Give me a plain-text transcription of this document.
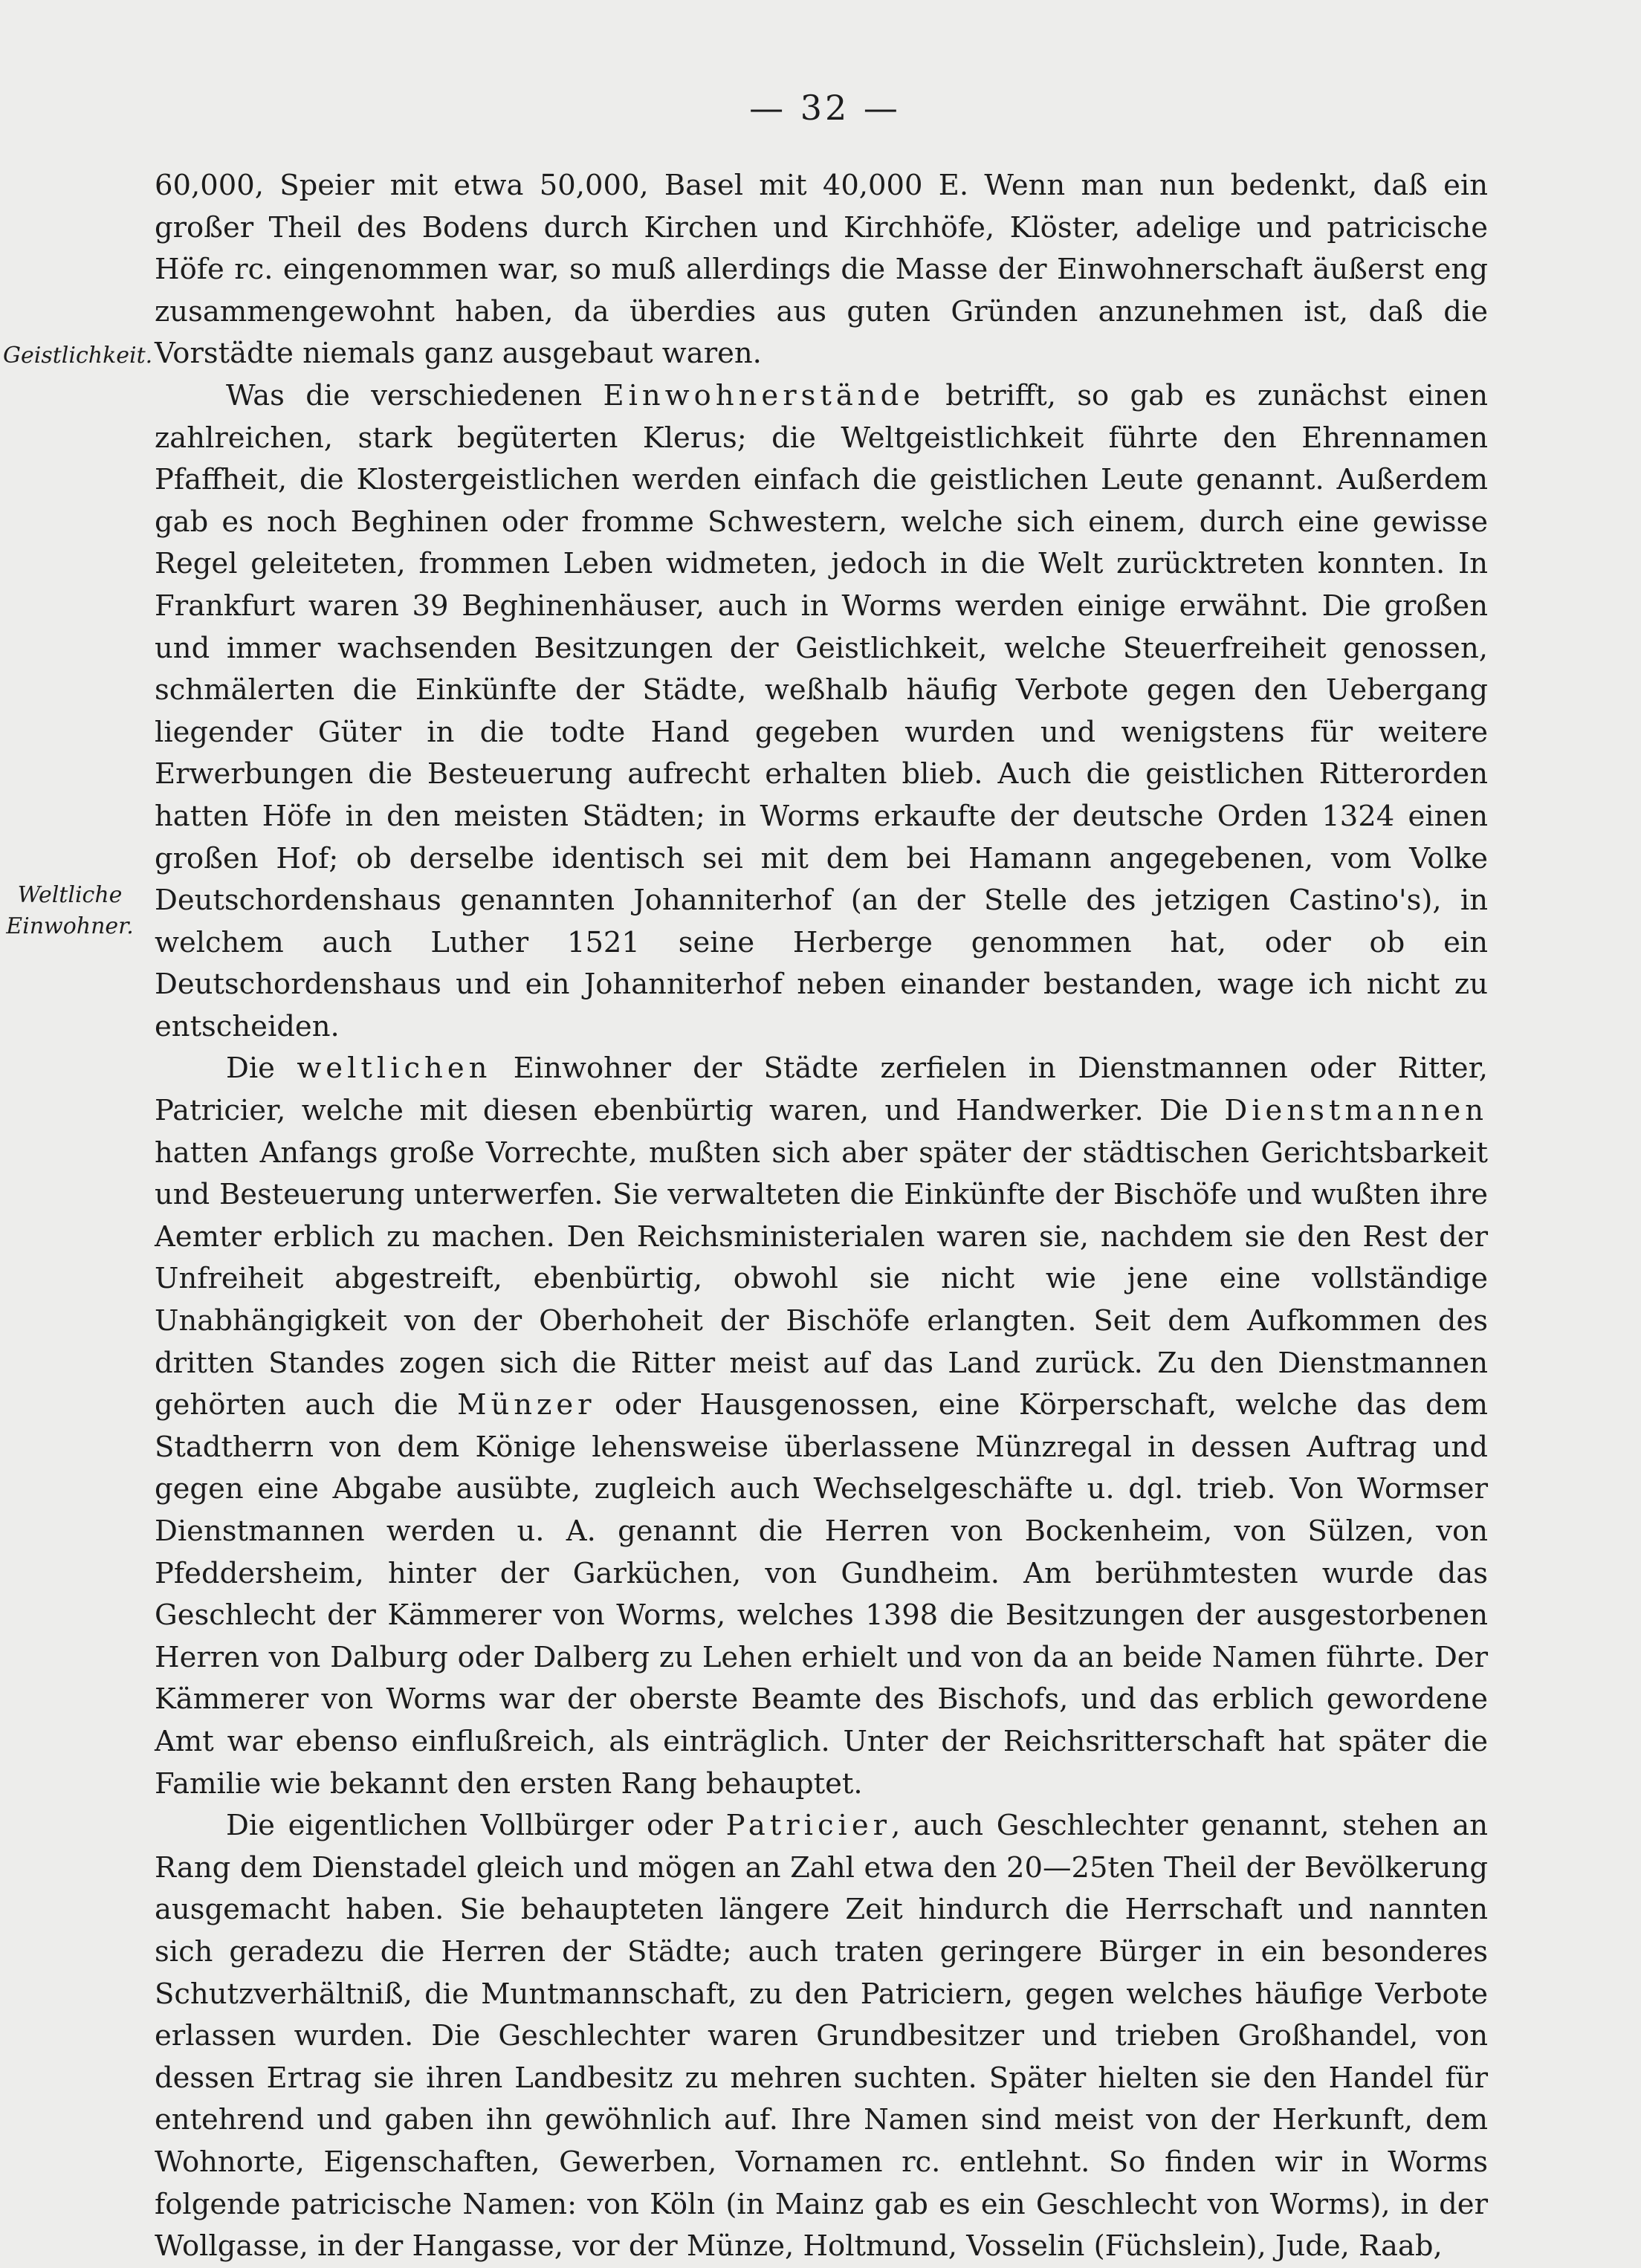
— 32 —
Geistlichkeit.
Weltliche
Einwohner.

60,000, Speier mit etwa 50,000, Basel mit 40,000 E. Wenn man nun bedenkt, daß ein großer Theil des Bodens durch Kirchen und Kirchhöfe, Klöster, adelige und patricische Höfe rc. eingenommen war, so muß allerdings die Masse der Einwohnerschaft äußerst eng zusammengewohnt haben, da überdies aus guten Gründen anzunehmen ist, daß die Vorstädte niemals ganz ausgebaut waren.

Was die verschiedenen Einwohnerstände betrifft, so gab es zunächst einen zahlreichen, stark begüterten Klerus; die Weltgeistlichkeit führte den Ehrennamen Pfaffheit, die Klostergeistlichen werden einfach die geistlichen Leute genannt. Außerdem gab es noch Beghinen oder fromme Schwestern, welche sich einem, durch eine gewisse Regel geleiteten, frommen Leben widmeten, jedoch in die Welt zurücktreten konnten. In Frankfurt waren 39 Beghinenhäuser, auch in Worms werden einige erwähnt. Die großen und immer wachsenden Besitzungen der Geistlichkeit, welche Steuerfreiheit genossen, schmälerten die Einkünfte der Städte, weßhalb häufig Verbote gegen den Uebergang liegender Güter in die todte Hand gegeben wurden und wenigstens für weitere Erwerbungen die Besteuerung aufrecht erhalten blieb. Auch die geistlichen Ritterorden hatten Höfe in den meisten Städten; in Worms erkaufte der deutsche Orden 1324 einen großen Hof; ob derselbe identisch sei mit dem bei Hamann angegebenen, vom Volke Deutschordenshaus genannten Johanniterhof (an der Stelle des jetzigen Castino's), in welchem auch Luther 1521 seine Herberge genommen hat, oder ob ein Deutschordenshaus und ein Johanniterhof neben einander bestanden, wage ich nicht zu entscheiden.

Die weltlichen Einwohner der Städte zerfielen in Dienstmannen oder Ritter, Patricier, welche mit diesen ebenbürtig waren, und Handwerker. Die Dienstmannen hatten Anfangs große Vorrechte, mußten sich aber später der städtischen Gerichtsbarkeit und Besteuerung unterwerfen. Sie verwalteten die Einkünfte der Bischöfe und wußten ihre Aemter erblich zu machen. Den Reichsministerialen waren sie, nachdem sie den Rest der Unfreiheit abgestreift, ebenbürtig, obwohl sie nicht wie jene eine vollständige Unabhängigkeit von der Oberhoheit der Bischöfe erlangten. Seit dem Aufkommen des dritten Standes zogen sich die Ritter meist auf das Land zurück. Zu den Dienstmannen gehörten auch die Münzer oder Hausgenossen, eine Körperschaft, welche das dem Stadtherrn von dem Könige lehensweise überlassene Münzregal in dessen Auftrag und gegen eine Abgabe ausübte, zugleich auch Wechselgeschäfte u. dgl. trieb. Von Wormser Dienstmannen werden u. A. genannt die Herren von Bockenheim, von Sülzen, von Pfeddersheim, hinter der Garküchen, von Gundheim. Am berühmtesten wurde das Geschlecht der Kämmerer von Worms, welches 1398 die Besitzungen der ausgestorbenen Herren von Dalburg oder Dalberg zu Lehen erhielt und von da an beide Namen führte. Der Kämmerer von Worms war der oberste Beamte des Bischofs, und das erblich gewordene Amt war ebenso einflußreich, als einträglich. Unter der Reichsritterschaft hat später die Familie wie bekannt den ersten Rang behauptet.

Die eigentlichen Vollbürger oder Patricier, auch Geschlechter genannt, stehen an Rang dem Dienstadel gleich und mögen an Zahl etwa den 20—25ten Theil der Bevölkerung ausgemacht haben. Sie behaupteten längere Zeit hindurch die Herrschaft und nannten sich geradezu die Herren der Städte; auch traten geringere Bürger in ein besonderes Schutzverhältniß, die Muntmannschaft, zu den Patriciern, gegen welches häufige Verbote erlassen wurden. Die Geschlechter waren Grundbesitzer und trieben Großhandel, von dessen Ertrag sie ihren Landbesitz zu mehren suchten. Später hielten sie den Handel für entehrend und gaben ihn gewöhnlich auf. Ihre Namen sind meist von der Herkunft, dem Wohnorte, Eigenschaften, Gewerben, Vornamen rc. entlehnt. So finden wir in Worms folgende patricische Namen: von Köln (in Mainz gab es ein Geschlecht von Worms), in der Wollgasse, in der Hangasse, vor der Münze, Holtmund, Vosselin (Füchslein), Jude, Raab,
